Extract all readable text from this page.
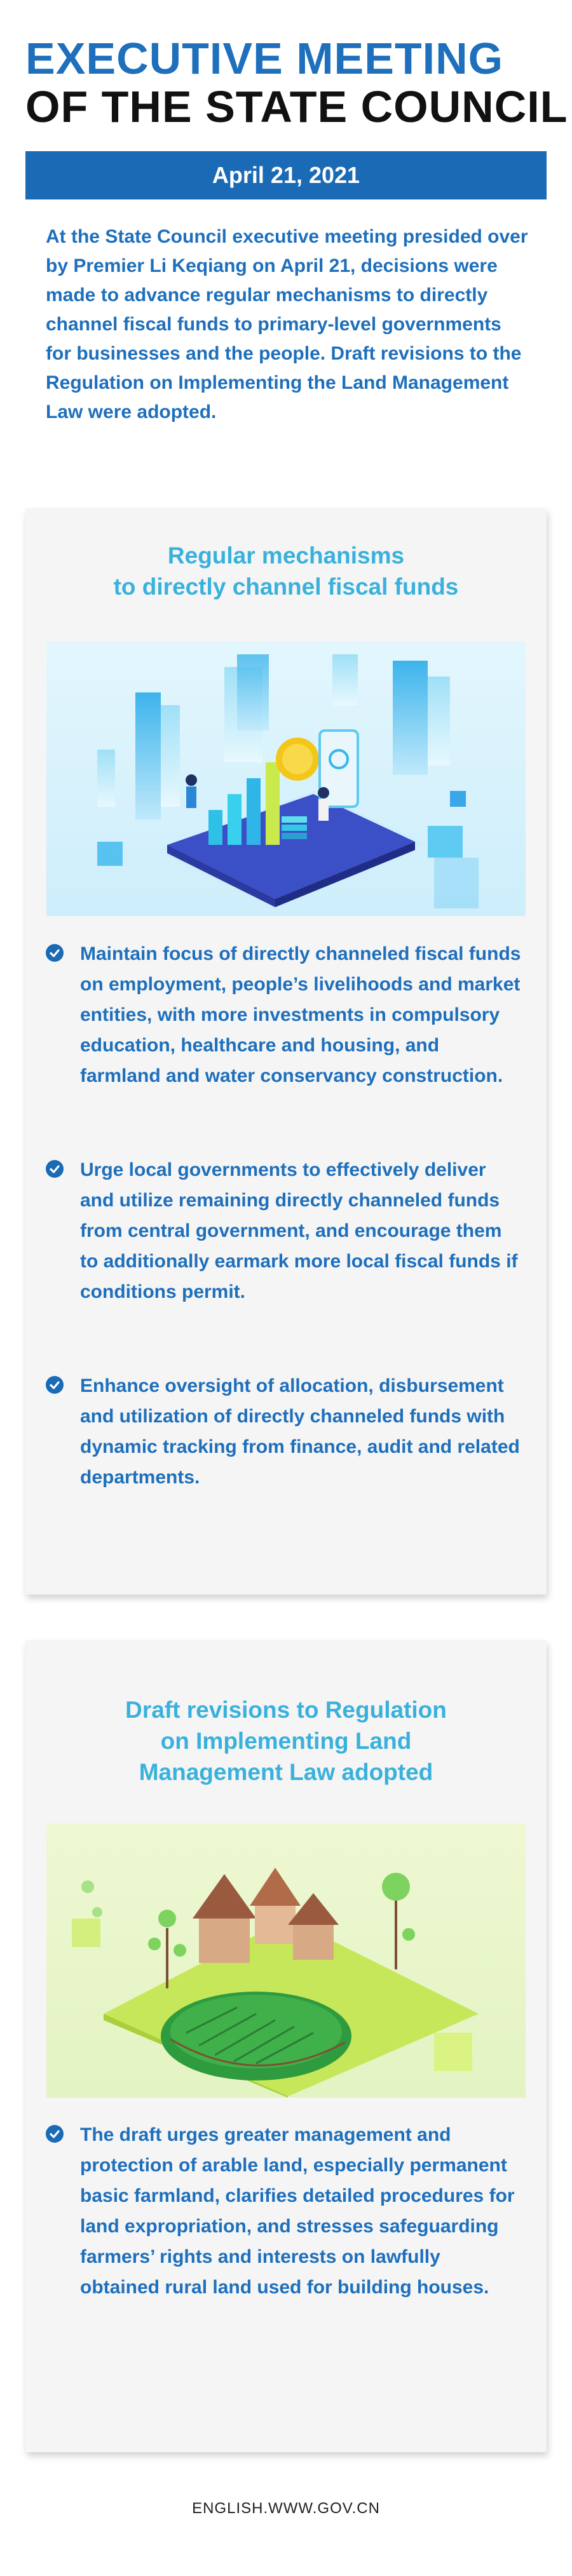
EXECUTIVE MEETING
OF THE STATE COUNCIL
April 21, 2021

At the State Council executive meeting presided over by Premier Li Keqiang on April 21, decisions were made to advance regular mechanisms to directly channel fiscal funds to primary-level governments for businesses and the people. Draft revisions to the Regulation on Implementing the Land Management Law were adopted.

Regular mechanisms
to directly channel fiscal funds

Maintain focus of directly channeled fiscal funds on employment, people’s livelihoods and market entities, with more investments in compulsory education, healthcare and housing, and farmland and water conservancy construction.

Urge local governments to effectively deliver and utilize remaining directly channeled funds from central government, and encourage them to additionally earmark more local fiscal funds if conditions permit.

Enhance oversight of allocation, disbursement and utilization of directly channeled funds with dynamic tracking from finance, audit and related departments.

Draft revisions to Regulation
on Implementing Land
Management Law adopted

The draft urges greater management and protection of arable land, especially permanent basic farmland, clarifies detailed procedures for land expropriation, and stresses safeguarding farmers’ rights and interests on lawfully obtained rural land used for building houses.

ENGLISH.WWW.GOV.CN
